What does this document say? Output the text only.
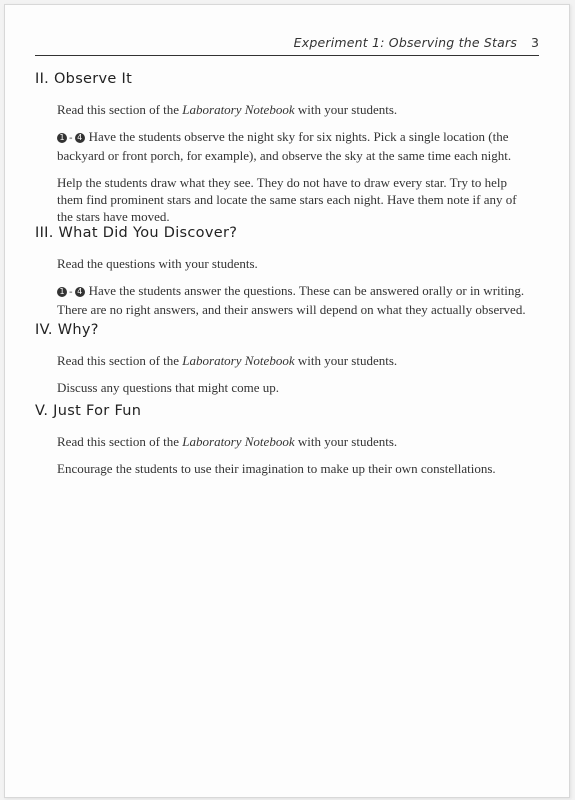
Experiment 1: Observing the Stars 3
II. Observe It

Read this section of the Laboratory Notebook with your students.

1 - 4 Have the students observe the night sky for six nights. Pick a single location (the backyard or front porch, for example), and observe the sky at the same time each night.

Help the students draw what they see. They do not have to draw every star. Try to help them find prominent stars and locate the same stars each night. Have them note if any of the stars have moved.

III. What Did You Discover?

Read the questions with your students.

1 - 4 Have the students answer the questions. These can be answered orally or in writing. There are no right answers, and their answers will depend on what they actually observed.

IV. Why?

Read this section of the Laboratory Notebook with your students.

Discuss any questions that might come up.

V. Just For Fun

Read this section of the Laboratory Notebook with your students.

Encourage the students to use their imagination to make up their own constellations.
